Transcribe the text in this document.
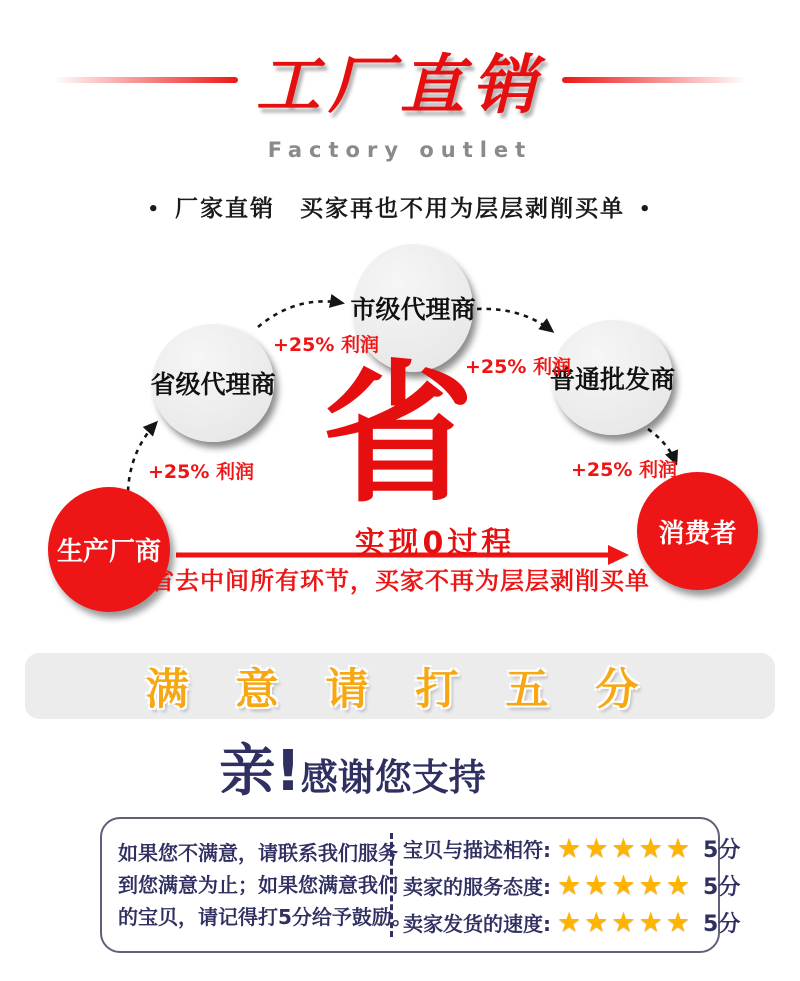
工厂直销
Factory outlet
• 厂家直销　买家再也不用为层层剥削买单 •
省级代理商
市级代理商
普通批发商
生产厂商
消费者
+25% 利润
+25% 利润
+25% 利润
+25% 利润
省
实现0过程
省去中间所有环节，买家不再为层层剥削买单
满 意 请 打 五 分
亲!感谢您支持
如果您不满意，请联系我们服务
到您满意为止；如果您满意我们
的宝贝，请记得打5分给予鼓励。
宝贝与描述相符: ★★★★★ 5分
卖家的服务态度: ★★★★★ 5分
卖家发货的速度: ★★★★★ 5分
